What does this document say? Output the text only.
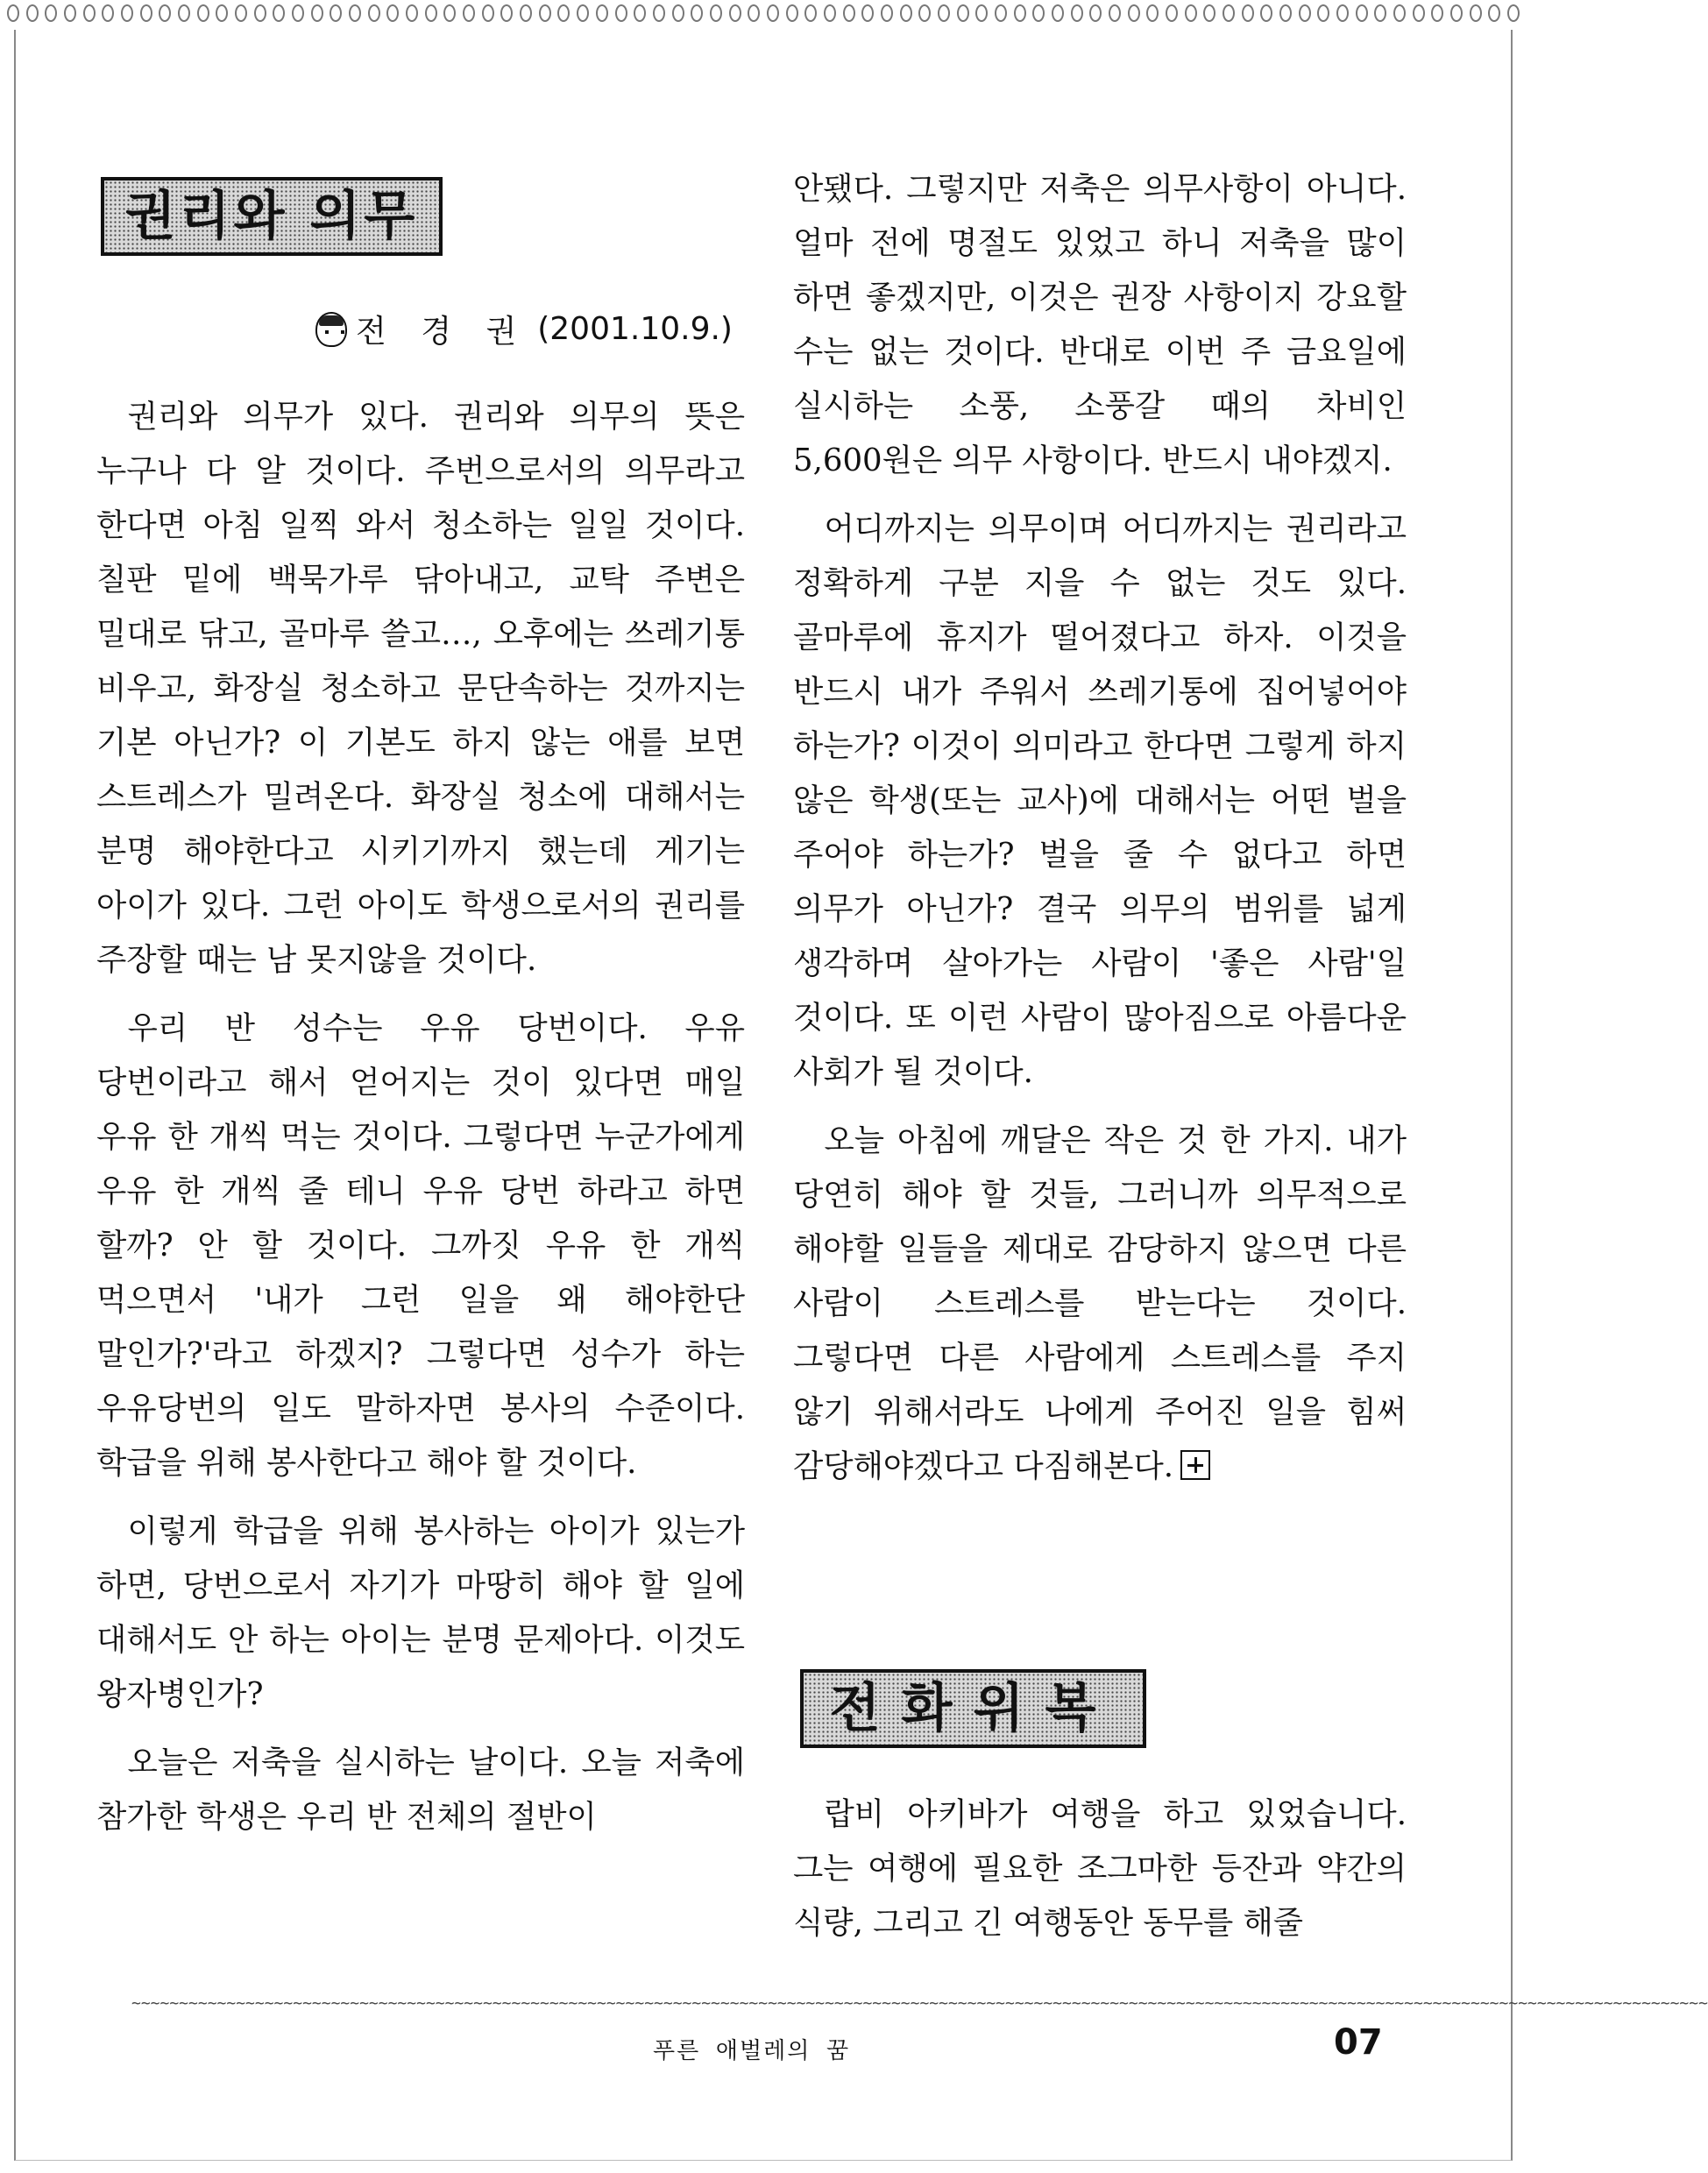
권리와 의무
전 경 권 (2001.10.9.)

권리와 의무가 있다. 권리와 의무의 뜻은 누구나 다 알 것이다. 주번으로서의 의무라고 한다면 아침 일찍 와서 청소하는 일일 것이다. 칠판 밑에 백묵가루 닦아내고, 교탁 주변은 밀대로 닦고, 골마루 쓸고…, 오후에는 쓰레기통 비우고, 화장실 청소하고 문단속하는 것까지는 기본 아닌가? 이 기본도 하지 않는 애를 보면 스트레스가 밀려온다. 화장실 청소에 대해서는 분명 해야한다고 시키기까지 했는데 게기는 아이가 있다. 그런 아이도 학생으로서의 권리를 주장할 때는 남 못지않을 것이다.

우리 반 성수는 우유 당번이다. 우유 당번이라고 해서 얻어지는 것이 있다면 매일 우유 한 개씩 먹는 것이다. 그렇다면 누군가에게 우유 한 개씩 줄 테니 우유 당번 하라고 하면 할까? 안 할 것이다. 그까짓 우유 한 개씩 먹으면서 '내가 그런 일을 왜 해야한단 말인가?'라고 하겠지? 그렇다면 성수가 하는 우유당번의 일도 말하자면 봉사의 수준이다. 학급을 위해 봉사한다고 해야 할 것이다.

이렇게 학급을 위해 봉사하는 아이가 있는가 하면, 당번으로서 자기가 마땅히 해야 할 일에 대해서도 안 하는 아이는 분명 문제아다. 이것도 왕자병인가?

오늘은 저축을 실시하는 날이다. 오늘 저축에 참가한 학생은 우리 반 전체의 절반이

안됐다. 그렇지만 저축은 의무사항이 아니다. 얼마 전에 명절도 있었고 하니 저축을 많이 하면 좋겠지만, 이것은 권장 사항이지 강요할 수는 없는 것이다. 반대로 이번 주 금요일에 실시하는 소풍, 소풍갈 때의 차비인 5,600원은 의무 사항이다. 반드시 내야겠지.

어디까지는 의무이며 어디까지는 권리라고 정확하게 구분 지을 수 없는 것도 있다. 골마루에 휴지가 떨어졌다고 하자. 이것을 반드시 내가 주워서 쓰레기통에 집어넣어야 하는가? 이것이 의미라고 한다면 그렇게 하지 않은 학생(또는 교사)에 대해서는 어떤 벌을 주어야 하는가? 벌을 줄 수 없다고 하면 의무가 아닌가? 결국 의무의 범위를 넓게 생각하며 살아가는 사람이 '좋은 사람'일 것이다. 또 이런 사람이 많아짐으로 아름다운 사회가 될 것이다.

오늘 아침에 깨달은 작은 것 한 가지. 내가 당연히 해야 할 것들, 그러니까 의무적으로 해야할 일들을 제대로 감당하지 않으면 다른 사람이 스트레스를 받는다는 것이다. 그렇다면 다른 사람에게 스트레스를 주지 않기 위해서라도 나에게 주어진 일을 힘써 감당해야겠다고 다짐해본다.

전화위복

랍비 아키바가 여행을 하고 있었습니다. 그는 여행에 필요한 조그마한 등잔과 약간의 식량, 그리고 긴 여행동안 동무를 해줄

~~~~~~~~~~~~~~~~~~~~~~~~~~~~~~~~~~~~~~~~~~~~~~~~~~~~~~~~~~~~~~~~~~~~~~~~~~~~~~~~~~~~~~~~~~~~~~~~~~~~~~~~~~~~~~~~~~~~~~~~~~~~~~~~~~~~~~~~~~~~~~~~~~~~~~~~~~~~~~~~~~~~~~
푸른 애벌레의 꿈	07
